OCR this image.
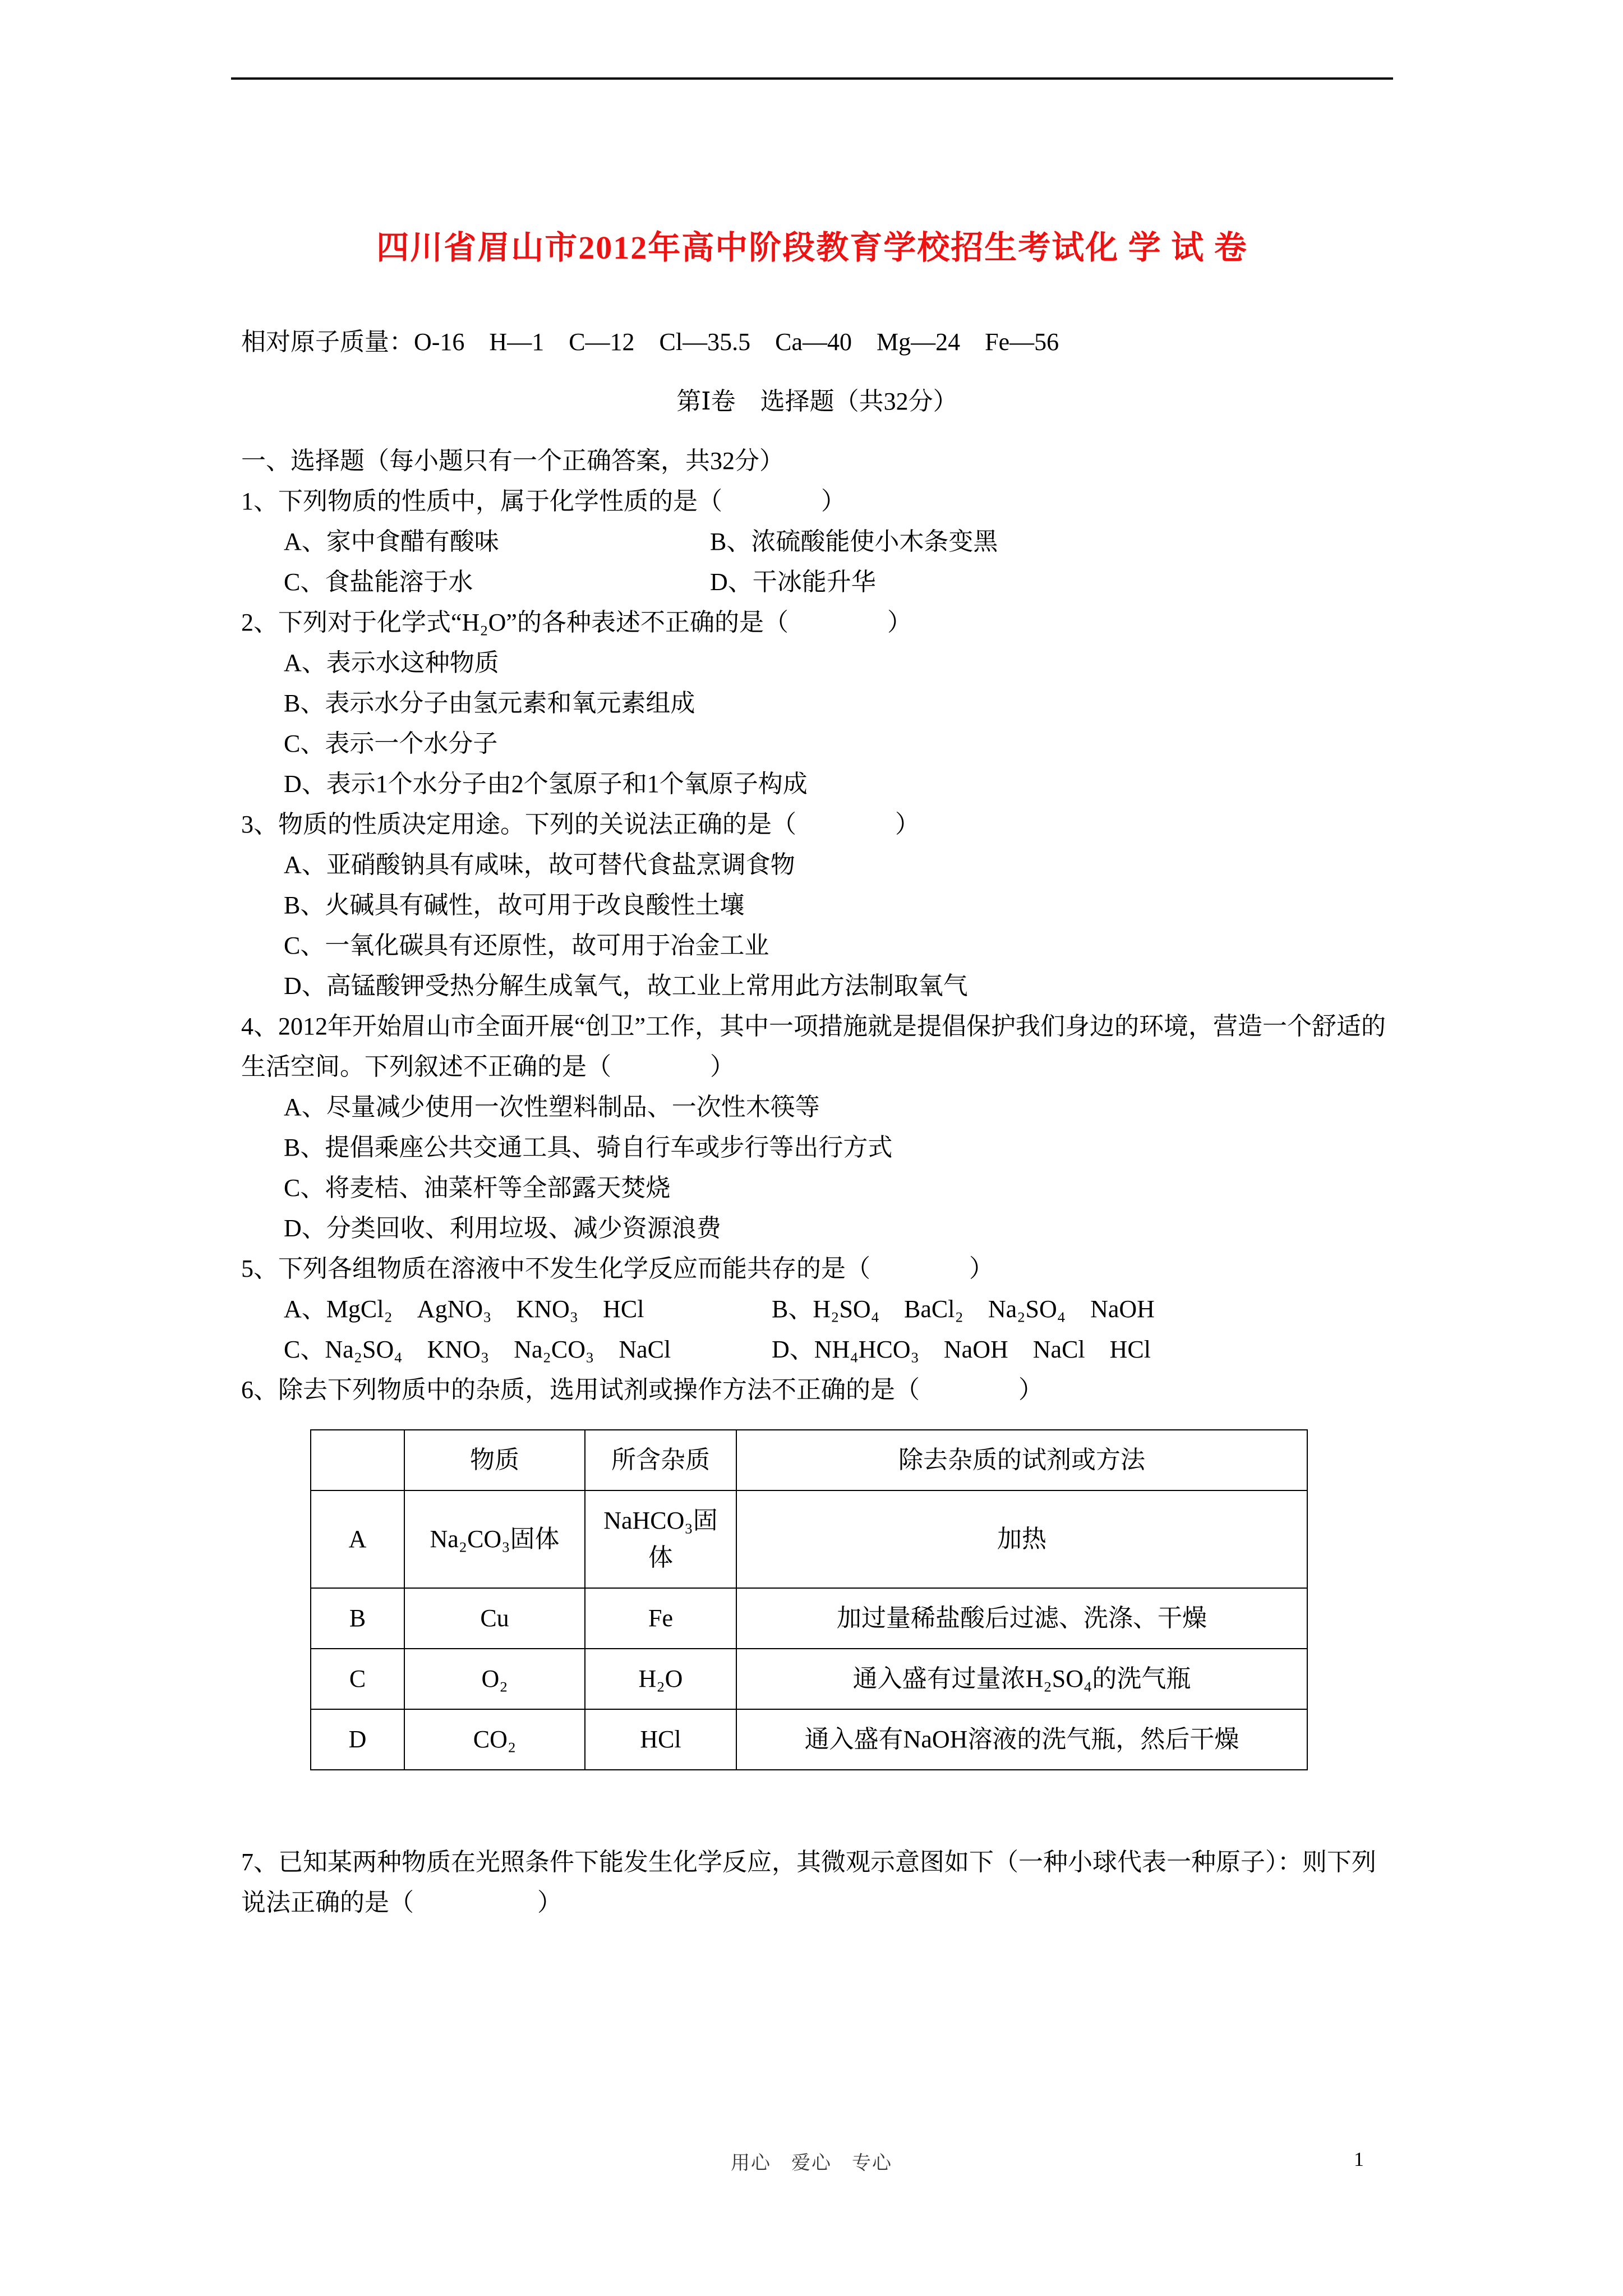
四川省眉山市2012年高中阶段教育学校招生考试化 学 试 卷

相对原子质量：O-16　H—1　C—12　Cl—35.5　Ca—40　Mg—24　Fe—56

第Ⅰ卷　选择题（共32分）

一、选择题（每小题只有一个正确答案，共32分）

1、下列物质的性质中，属于化学性质的是（　　　　）

A、家中食醋有酸味	B、浓硫酸能使小木条变黑
C、食盐能溶于水	D、干冰能升华

2、下列对于化学式“H₂O”的各种表述不正确的是（　　　　）

A、表示水这种物质

B、表示水分子由氢元素和氧元素组成

C、表示一个水分子

D、表示1个水分子由2个氢原子和1个氧原子构成

3、物质的性质决定用途。下列的关说法正确的是（　　　　）

A、亚硝酸钠具有咸味，故可替代食盐烹调食物

B、火碱具有碱性，故可用于改良酸性土壤

C、一氧化碳具有还原性，故可用于冶金工业

D、高锰酸钾受热分解生成氧气，故工业上常用此方法制取氧气

4、2012年开始眉山市全面开展“创卫”工作，其中一项措施就是提倡保护我们身边的环境，营造一个舒适的生活空间。下列叙述不正确的是（　　　　）

A、尽量减少使用一次性塑料制品、一次性木筷等

B、提倡乘座公共交通工具、骑自行车或步行等出行方式

C、将麦桔、油菜杆等全部露天焚烧

D、分类回收、利用垃圾、减少资源浪费

5、下列各组物质在溶液中不发生化学反应而能共存的是（　　　　）

A、MgCl₂　AgNO₃　KNO₃　HCl	B、H₂SO₄　BaCl₂　Na₂SO₄　NaOH
C、Na₂SO₄　KNO₃　Na₂CO₃　NaCl	D、NH₄HCO₃　NaOH　NaCl　HCl

6、除去下列物质中的杂质，选用试剂或操作方法不正确的是（　　　　）

	物质	所含杂质	除去杂质的试剂或方法
A	Na₂CO₃固体	NaHCO₃固体	加热
B	Cu	Fe	加过量稀盐酸后过滤、洗涤、干燥
C	O₂	H₂O	通入盛有过量浓H₂SO₄的洗气瓶
D	CO₂	HCl	通入盛有NaOH溶液的洗气瓶，然后干燥

7、已知某两种物质在光照条件下能发生化学反应，其微观示意图如下（一种小球代表一种原子）：则下列说法正确的是（　　　　　）

用心　爱心　专心	1
